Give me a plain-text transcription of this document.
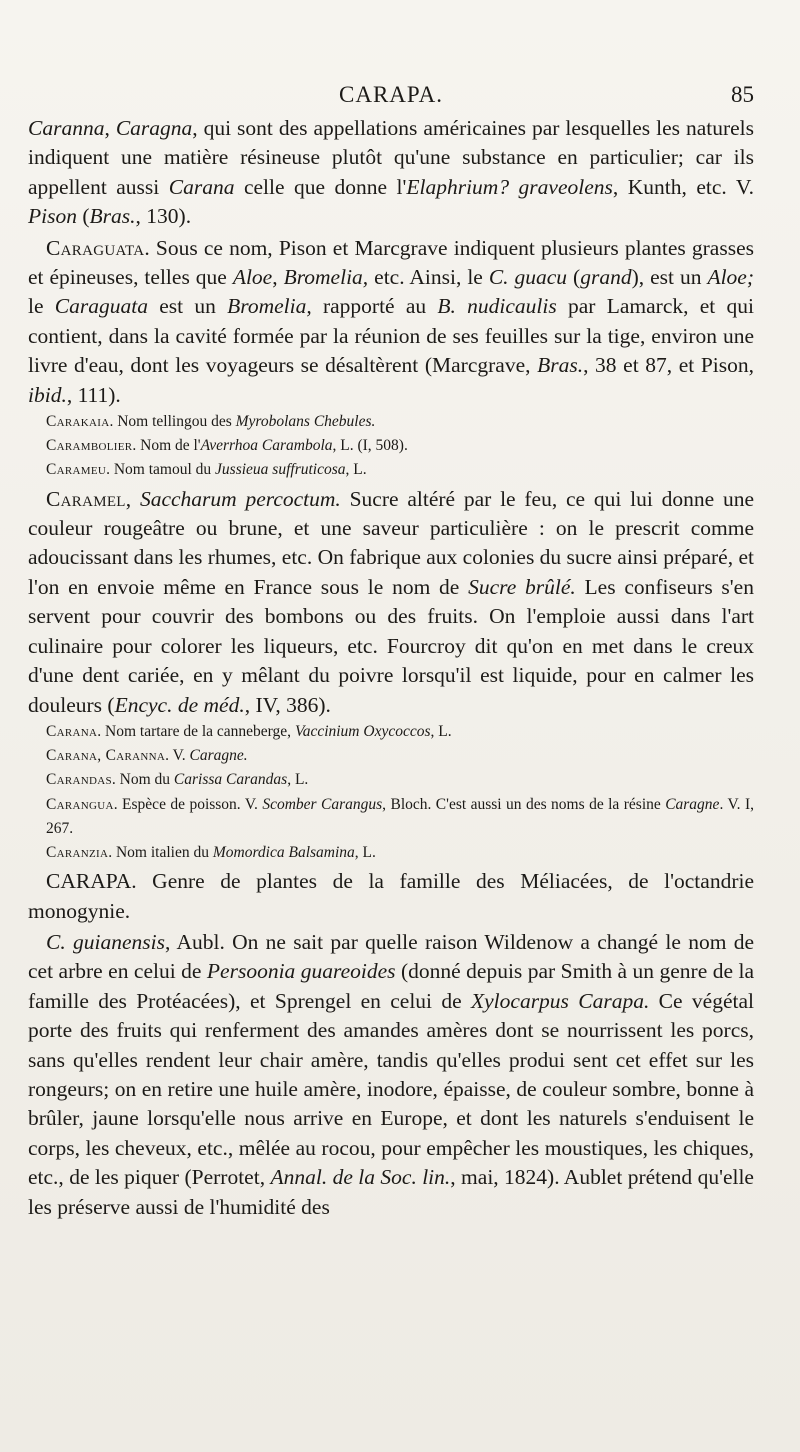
CARAPA.	85

Caranna, Caragna, qui sont des appellations américaines par lesquelles les naturels indiquent une matière résineuse plutôt qu'une substance en particulier; car ils appellent aussi Carana celle que donne l'Elaphrium? graveolens, Kunth, etc. V. Pison (Bras., 130).

Caraguata. Sous ce nom, Pison et Marcgrave indiquent plusieurs plantes grasses et épineuses, telles que Aloe, Bromelia, etc. Ainsi, le C. guacu (grand), est un Aloe; le Caraguata est un Bromelia, rapporté au B. nudicaulis par Lamarck, et qui contient, dans la cavité formée par la réunion de ses feuilles sur la tige, environ une livre d'eau, dont les voyageurs se désaltèrent (Marcgrave, Bras., 38 et 87, et Pison, ibid., 111).

Carakaia. Nom tellingou des Myrobolans Chebules.

Carambolier. Nom de l'Averrhoa Carambola, L. (I, 508).

Carameu. Nom tamoul du Jussieua suffruticosa, L.

Caramel, Saccharum percoctum. Sucre altéré par le feu, ce qui lui donne une couleur rougeâtre ou brune, et une saveur particulière : on le prescrit comme adoucissant dans les rhumes, etc. On fabrique aux colonies du sucre ainsi préparé, et l'on en envoie même en France sous le nom de Sucre brûlé. Les confiseurs s'en servent pour couvrir des bombons ou des fruits. On l'emploie aussi dans l'art culinaire pour colorer les liqueurs, etc. Fourcroy dit qu'on en met dans le creux d'une dent cariée, en y mêlant du poivre lorsqu'il est liquide, pour en calmer les douleurs (Encyc. de méd., IV, 386).

Carana. Nom tartare de la canneberge, Vaccinium Oxycoccos, L.

Carana, Caranna. V. Caragne.

Carandas. Nom du Carissa Carandas, L.

Carangua. Espèce de poisson. V. Scomber Carangus, Bloch. C'est aussi un des noms de la résine Caragne. V. I, 267.

Caranzia. Nom italien du Momordica Balsamina, L.

CARAPA. Genre de plantes de la famille des Méliacées, de l'octandrie monogynie.

C. guianensis, Aubl. On ne sait par quelle raison Wildenow a changé le nom de cet arbre en celui de Persoonia guareoides (donné depuis par Smith à un genre de la famille des Protéacées), et Sprengel en celui de Xylocarpus Carapa. Ce végétal porte des fruits qui renferment des amandes amères dont se nourrissent les porcs, sans qu'elles rendent leur chair amère, tandis qu'elles produi sent cet effet sur les rongeurs; on en retire une huile amère, inodore, épaisse, de couleur sombre, bonne à brûler, jaune lorsqu'elle nous arrive en Europe, et dont les naturels s'enduisent le corps, les cheveux, etc., mêlée au rocou, pour empêcher les moustiques, les chiques, etc., de les piquer (Perrotet, Annal. de la Soc. lin., mai, 1824). Aublet prétend qu'elle les préserve aussi de l'humidité des
